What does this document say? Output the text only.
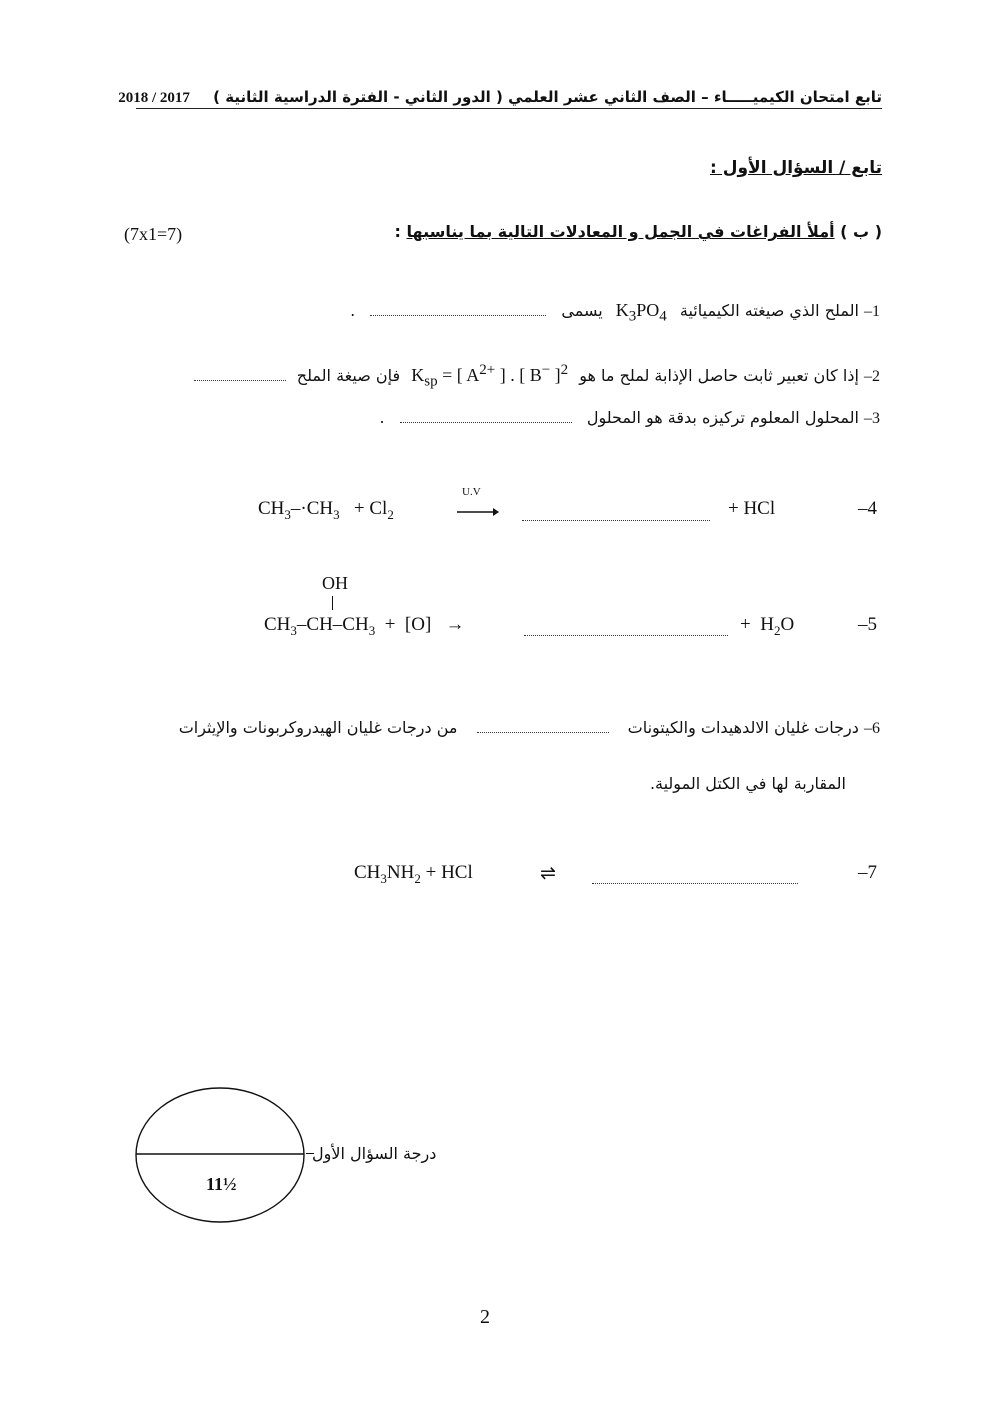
تابع امتحان الكيميـــــاء – الصف الثاني عشر العلمي ( الدور الثاني - الفترة الدراسية الثانية ) 2018 / 2017
تابع / السؤال الأول :
( ب ) أملأ الفراغات في الجمل و المعادلات التالية بما يناسبها :
(7x1=7)
1– الملح الذي صيغته الكيميائية $K_3PO_4$ يسمى  .
2– إذا كان تعبير ثابت حاصل الإذابة لملح ما هو $K_{sp}$ = [ $A^{2+}$ ] . [ B− ]$^2$ فإن صيغة الملح
3– المحلول المعلوم تركيزه بدقة هو المحلول  .
$CH_3-\cdot CH_3 + Cl_2$
U.V
+ HCl	–4
OH
$CH_3-CH-CH_3 + [O]$   →	+  $H_2O$	–5
6– درجات غليان الالدهيدات والكيتونات  من درجات غليان الهيدروكربونات والإيثرات
المقاربة لها في الكتل المولية.
$CH_3NH_2$ + HCl	⇌	–7
11½
درجة السؤال الأول
2
